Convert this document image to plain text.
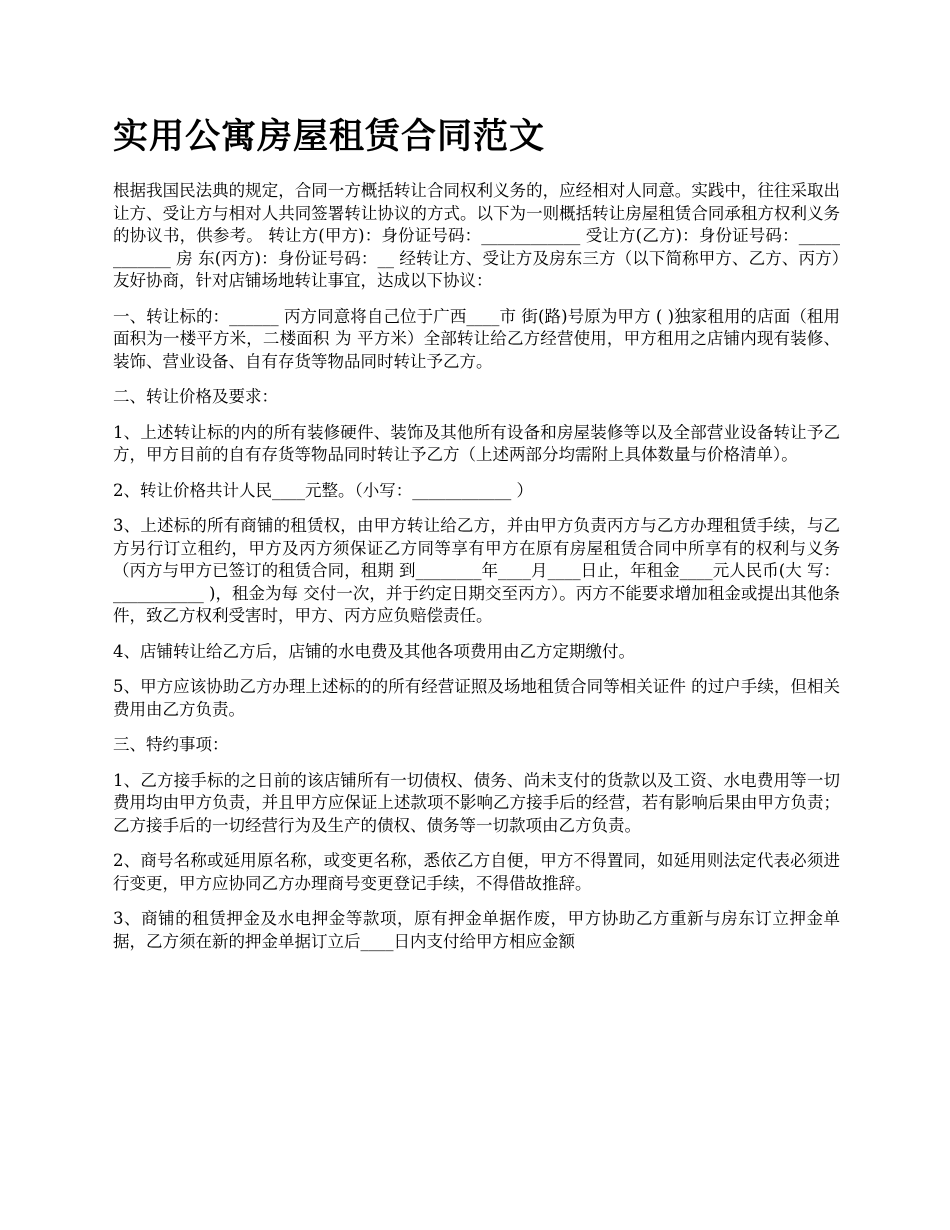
实用公寓房屋租赁合同范文

根据我国民法典的规定，合同一方概括转让合同权利义务的，应经相对人同意。实践中，往往采取出让方、受让方与相对人共同签署转让协议的方式。以下为一则概括转让房屋租赁合同承租方权利义务的协议书，供参考。 转让方(甲方)：身份证号码：____________ 受让方(乙方)：身份证号码：____________ 房 东(丙方)：身份证号码：__ 经转让方、受让方及房东三方（以下简称甲方、乙方、丙方）友好协商，针对店铺场地转让事宜，达成以下协议：

一、转让标的：______ 丙方同意将自己位于广西____市 街(路)号原为甲方 ( )独家租用的店面（租用面积为一楼平方米，二楼面积 为 平方米）全部转让给乙方经营使用，甲方租用之店铺内现有装修、装饰、营业设备、自有存货等物品同时转让予乙方。

二、转让价格及要求：

1、上述转让标的内的所有装修硬件、装饰及其他所有设备和房屋装修等以及全部营业设备转让予乙方，甲方目前的自有存货等物品同时转让予乙方（上述两部分均需附上具体数量与价格清单）。

2、转让价格共计人民____元整。（小写：____________ ）

3、上述标的所有商铺的租赁权，由甲方转让给乙方，并由甲方负责丙方与乙方办理租赁手续，与乙方另行订立租约，甲方及丙方须保证乙方同等享有甲方在原有房屋租赁合同中所享有的权利与义务（丙方与甲方已签订的租赁合同，租期 到________年____月____日止，年租金____元人民币(大 写：___________ )，租金为每 交付一次，并于约定日期交至丙方）。丙方不能要求增加租金或提出其他条件，致乙方权利受害时，甲方、丙方应负赔偿责任。

4、店铺转让给乙方后，店铺的水电费及其他各项费用由乙方定期缴付。

5、甲方应该协助乙方办理上述标的的所有经营证照及场地租赁合同等相关证件 的过户手续，但相关费用由乙方负责。

三、特约事项：

1、乙方接手标的之日前的该店铺所有一切债权、债务、尚未支付的货款以及工资、水电费用等一切费用均由甲方负责，并且甲方应保证上述款项不影响乙方接手后的经营，若有影响后果由甲方负责；乙方接手后的一切经营行为及生产的债权、债务等一切款项由乙方负责。

2、商号名称或延用原名称，或变更名称，悉依乙方自便，甲方不得置同，如延用则法定代表必须进行变更，甲方应协同乙方办理商号变更登记手续，不得借故推辞。

3、商铺的租赁押金及水电押金等款项，原有押金单据作废，甲方协助乙方重新与房东订立押金单据，乙方须在新的押金单据订立后____日内支付给甲方相应金额
